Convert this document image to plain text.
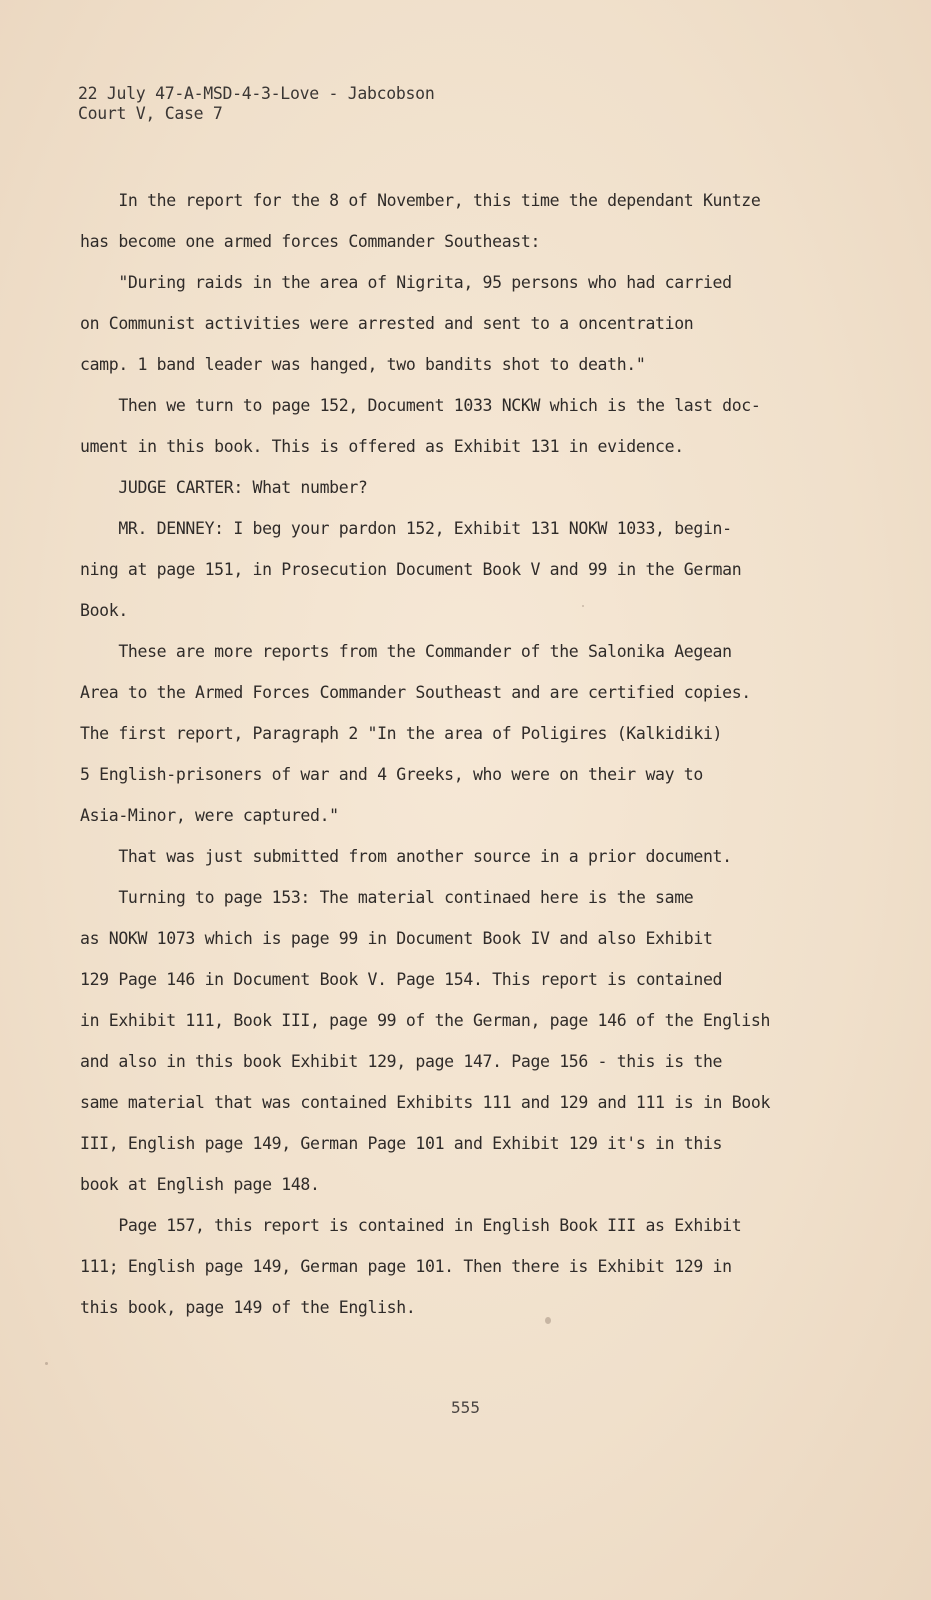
22 July 47-A-MSD-4-3-Love - Jabcobson
Court V, Case 7
In the report for the 8 of November, this time the dependant Kuntze
has become one armed forces Commander Southeast:
"During raids in the area of Nigrita, 95 persons who had carried
on Communist activities were arrested and sent to a oncentration
camp. 1 band leader was hanged, two bandits shot to death."
Then we turn to page 152, Document 1033 NCKW which is the last doc-
ument in this book. This is offered as Exhibit 131 in evidence.
JUDGE CARTER: What number?
MR. DENNEY: I beg your pardon 152, Exhibit 131 NOKW 1033, begin-
ning at page 151, in Prosecution Document Book V and 99 in the German
Book.
These are more reports from the Commander of the Salonika Aegean
Area to the Armed Forces Commander Southeast and are certified copies.
The first report, Paragraph 2 "In the area of Poligires (Kalkidiki)
5 English-prisoners of war and 4 Greeks, who were on their way to
Asia-Minor, were captured."
That was just submitted from another source in a prior document.
Turning to page 153: The material continaed here is the same
as NOKW 1073 which is page 99 in Document Book IV and also Exhibit
129 Page 146 in Document Book V. Page 154. This report is contained
in Exhibit 111, Book III, page 99 of the German, page 146 of the English
and also in this book Exhibit 129, page 147. Page 156 - this is the
same material that was contained Exhibits 111 and 129 and 111 is in Book
III, English page 149, German Page 101 and Exhibit 129 it's in this
book at English page 148.
Page 157, this report is contained in English Book III as Exhibit
111; English page 149, German page 101. Then there is Exhibit 129 in
this book, page 149 of the English.
555
